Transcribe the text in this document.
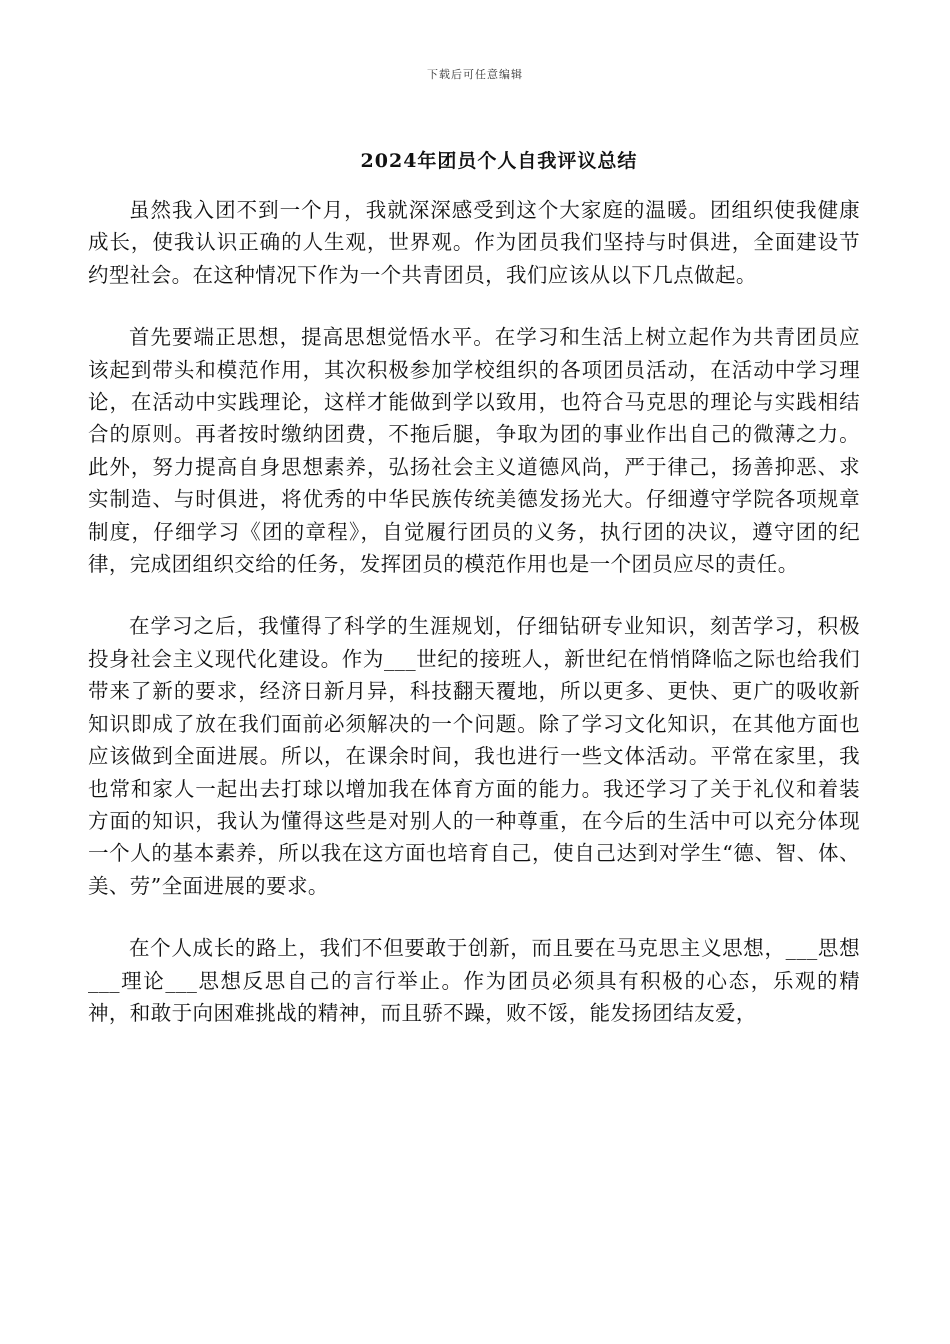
下载后可任意编辑
2024年团员个人自我评议总结

虽然我入团不到一个月，我就深深感受到这个大家庭的温暖。团组织使我健康成长，使我认识正确的人生观，世界观。作为团员我们坚持与时俱进，全面建设节约型社会。在这种情况下作为一个共青团员，我们应该从以下几点做起。

首先要端正思想，提高思想觉悟水平。在学习和生活上树立起作为共青团员应该起到带头和模范作用，其次积极参加学校组织的各项团员活动，在活动中学习理论，在活动中实践理论，这样才能做到学以致用，也符合马克思的理论与实践相结合的原则。再者按时缴纳团费，不拖后腿，争取为团的事业作出自己的微薄之力。此外，努力提高自身思想素养，弘扬社会主义道德风尚，严于律己，扬善抑恶、求实制造、与时俱进，将优秀的中华民族传统美德发扬光大。仔细遵守学院各项规章制度，仔细学习《团的章程》，自觉履行团员的义务，执行团的决议，遵守团的纪律，完成团组织交给的任务，发挥团员的模范作用也是一个团员应尽的责任。

在学习之后，我懂得了科学的生涯规划，仔细钻研专业知识，刻苦学习，积极投身社会主义现代化建设。作为___世纪的接班人，新世纪在悄悄降临之际也给我们带来了新的要求，经济日新月异，科技翻天覆地，所以更多、更快、更广的吸收新知识即成了放在我们面前必须解决的一个问题。除了学习文化知识，在其他方面也应该做到全面进展。所以，在课余时间，我也进行一些文体活动。平常在家里，我也常和家人一起出去打球以增加我在体育方面的能力。我还学习了关于礼仪和着装方面的知识，我认为懂得这些是对别人的一种尊重，在今后的生活中可以充分体现一个人的基本素养，所以我在这方面也培育自己，使自己达到对学生“德、智、体、美、劳”全面进展的要求。

在个人成长的路上，我们不但要敢于创新，而且要在马克思主义思想，___思想___理论___思想反思自己的言行举止。作为团员必须具有积极的心态，乐观的精神，和敢于向困难挑战的精神，而且骄不躁，败不馁，能发扬团结友爱，
